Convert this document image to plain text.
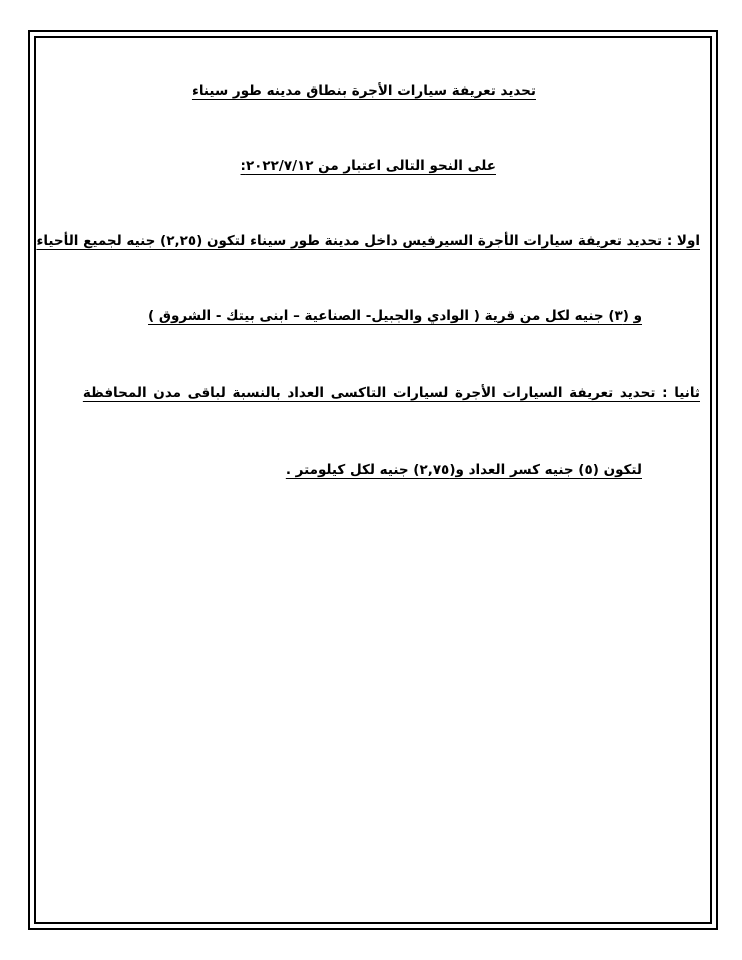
تحديد تعريفة سيارات الأجرة بنطاق مدينه طور سيناء
على النحو التالى اعتبار من ٢٠٢٢/٧/١٢:
اولا : تحديد تعريفة سيارات الأجرة السيرفيس داخل مدينة طور سيناء لتكون (٢,٢٥) جنيه لجميع الأحياء
و (٣) جنيه لكل من قرية ( الوادي والجبيل- الصناعية – ابنى بيتك - الشروق )
ثانيا : تحديد تعريفة السيارات الأجرة لسيارات التاكسى العداد بالنسبة لباقى مدن المحافظة
لتكون (٥) جنيه كسر العداد و(٢,٧٥) جنيه لكل كيلومتر .
